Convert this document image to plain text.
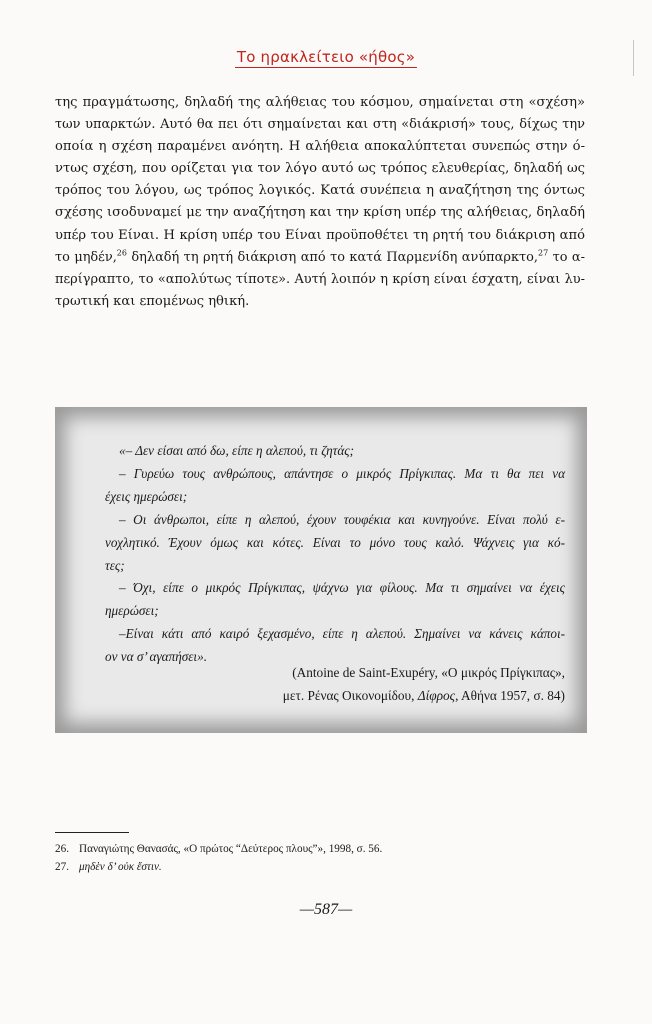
Το ηρακλείτειο «ήθος»
της πραγμάτωσης, δηλαδή της αλήθειας του κόσμου, σημαίνεται στη «σχέση»
των υπαρκτών. Αυτό θα πει ότι σημαίνεται και στη «διάκρισή» τους, δίχως την
οποία η σχέση παραμένει ανόητη. Η αλήθεια αποκαλύπτεται συνεπώς στην ό-
ντως σχέση, που ορίζεται για τον λόγο αυτό ως τρόπος ελευθερίας, δηλαδή ως
τρόπος του λόγου, ως τρόπος λογικός. Κατά συνέπεια η αναζήτηση της όντως
σχέσης ισοδυναμεί με την αναζήτηση και την κρίση υπέρ της αλήθειας, δηλαδή
υπέρ του Είναι. Η κρίση υπέρ του Είναι προϋποθέτει τη ρητή του διάκριση από
το μηδέν,$^{26}$ δηλαδή τη ρητή διάκριση από το κατά Παρμενίδη ανύπαρκτο,$^{27}$ το α-
περίγραπτο, το «απολύτως τίποτε». Αυτή λοιπόν η κρίση είναι έσχατη, είναι λυ-
τρωτική και επομένως ηθική.
«– Δεν είσαι από δω, είπε η αλεπού, τι ζητάς;
– Γυρεύω τους ανθρώπους, απάντησε ο μικρός Πρίγκιπας. Μα τι θα πει να
έχεις ημερώσει;
– Οι άνθρωποι, είπε η αλεπού, έχουν τουφέκια και κυνηγούνε. Είναι πολύ ε-
νοχλητικό. Έχουν όμως και κότες. Είναι το μόνο τους καλό. Ψάχνεις για κό-
τες;
– Όχι, είπε ο μικρός Πρίγκιπας, ψάχνω για φίλους. Μα τι σημαίνει να έχεις
ημερώσει;
–Είναι κάτι από καιρό ξεχασμένο, είπε η αλεπού. Σημαίνει να κάνεις κάποι-
ον να σ’ αγαπήσει».
(Antoine de Saint-Exupéry, «Ο μικρός Πρίγκιπας»,
μετ. Ρένας Οικονομίδου, Δίφρος, Αθήνα 1957, σ. 84)
26. Παναγιώτης Θανασάς, «Ο πρώτος “Δεύτερος πλους”», 1998, σ. 56.
27. μηδὲν δ’ οὐκ ἔστιν.
—587—
